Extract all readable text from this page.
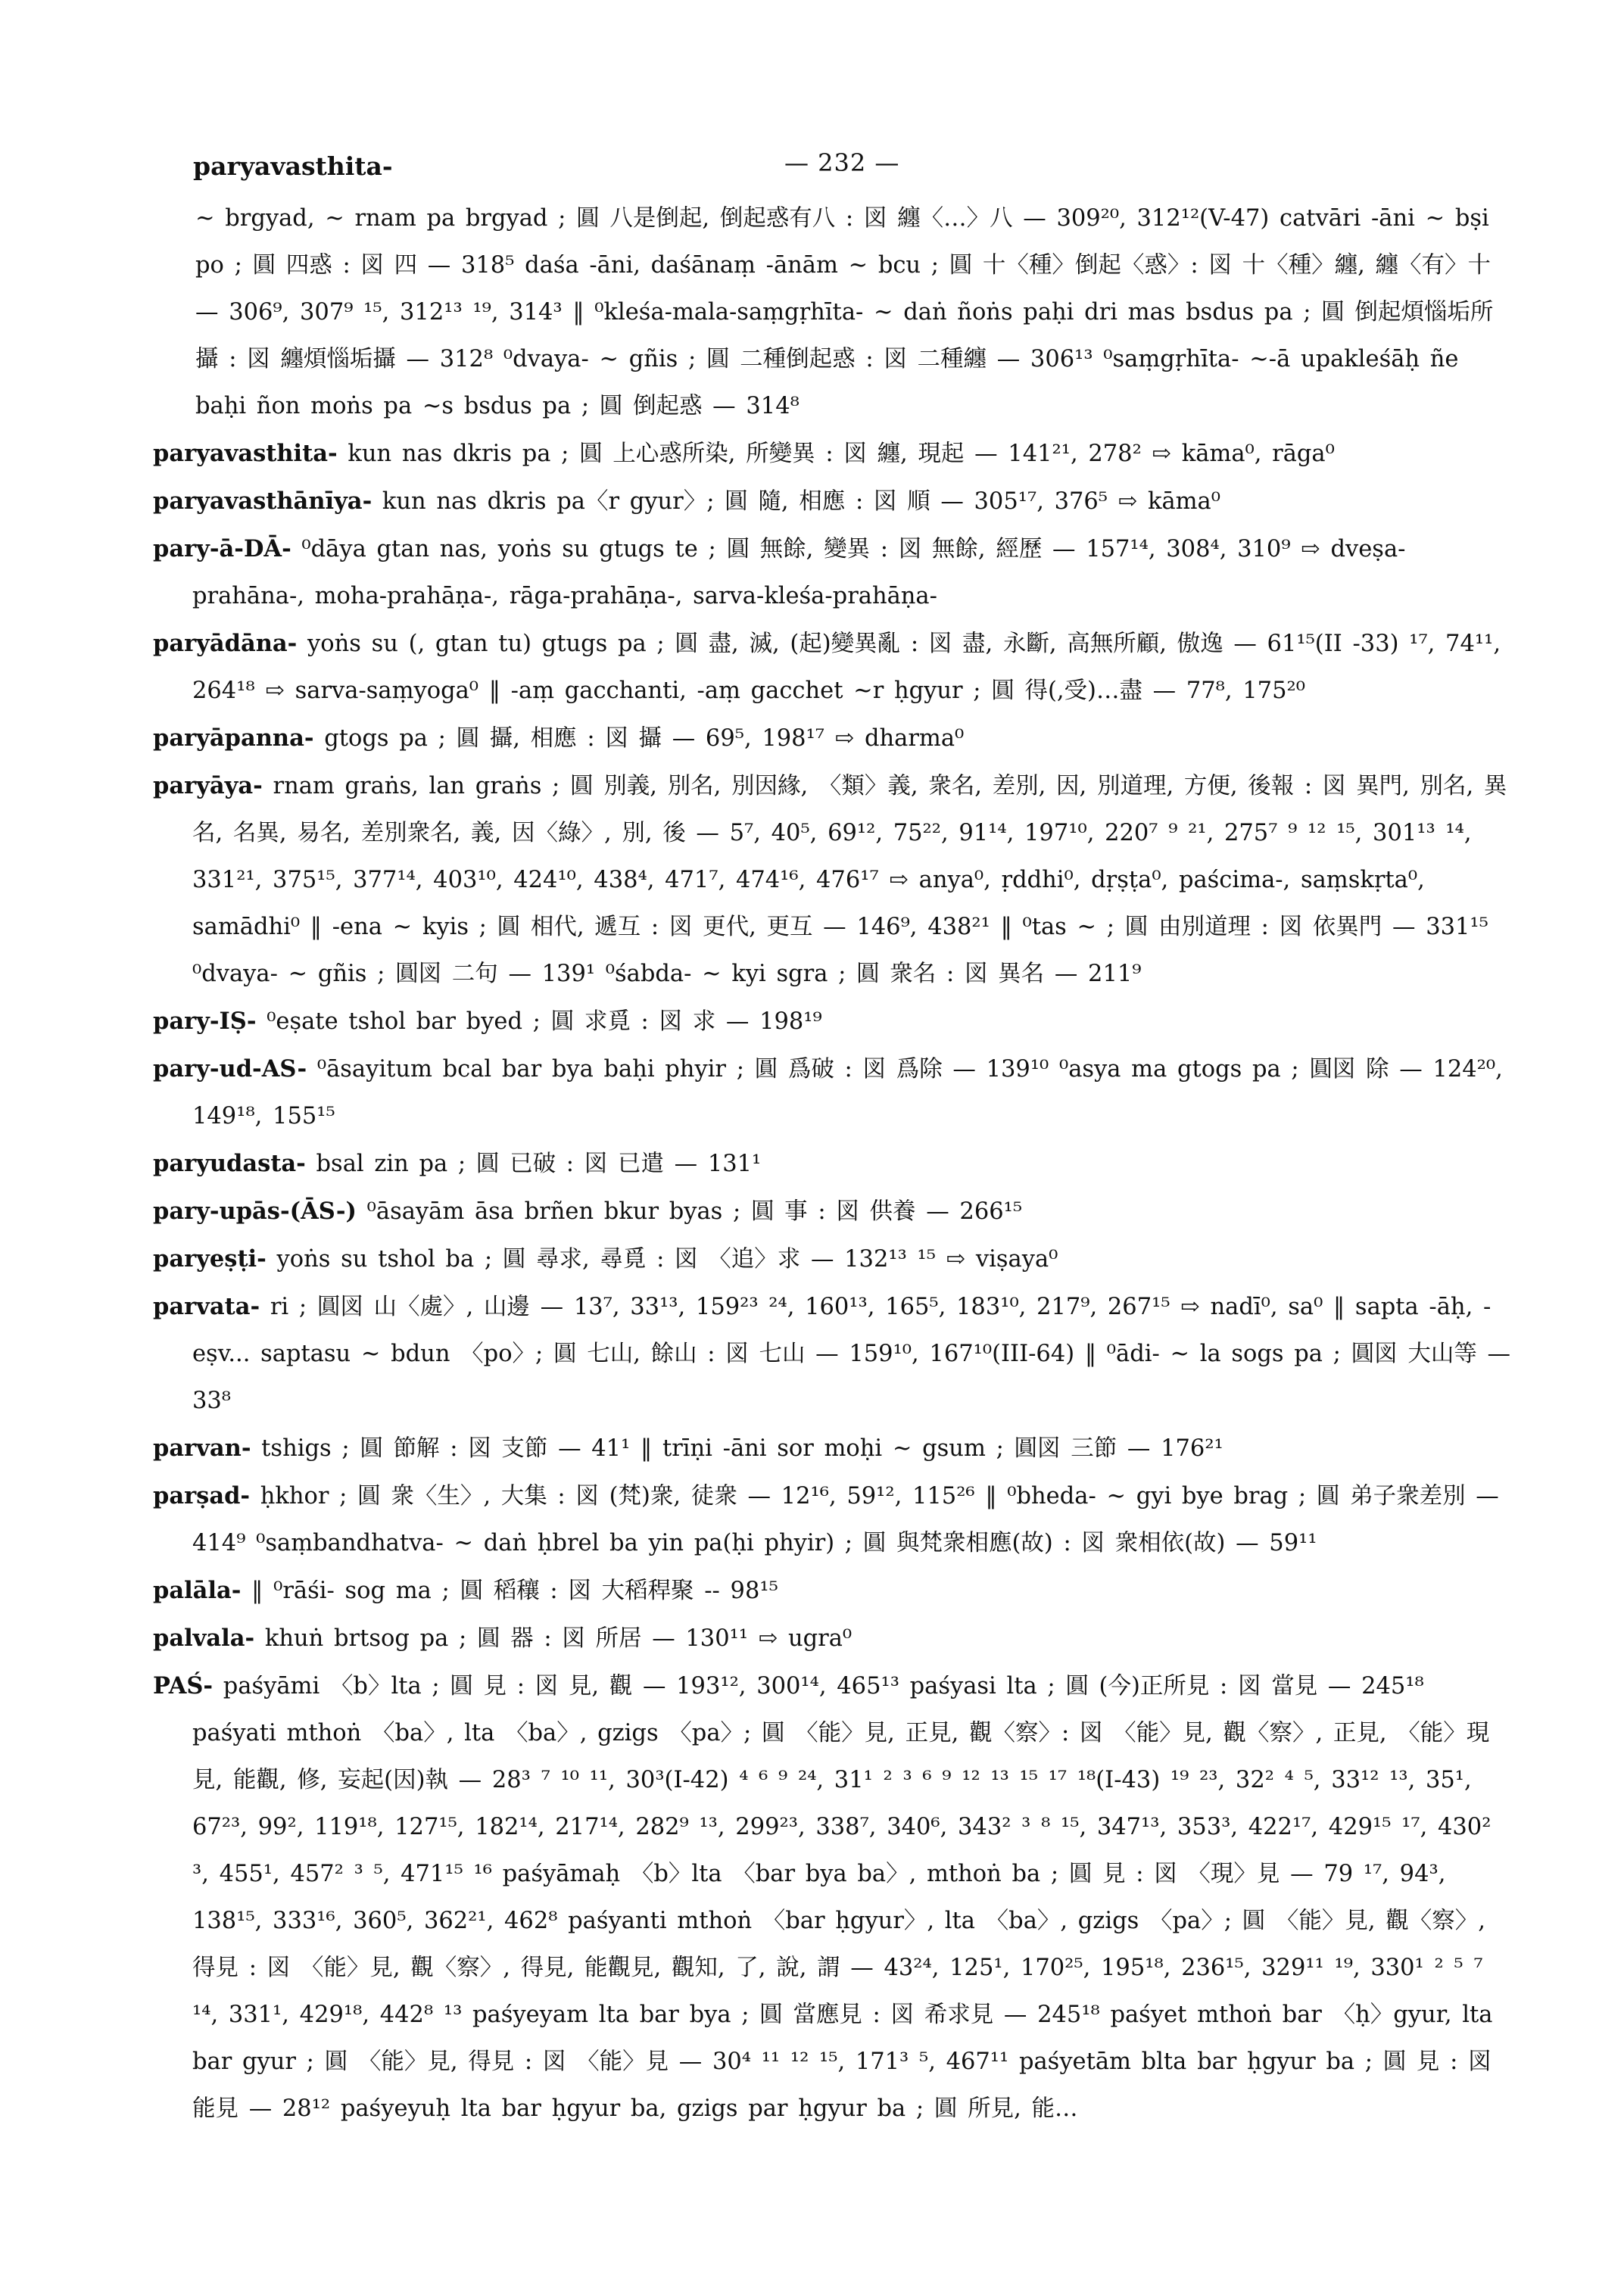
paryavasthita-	— 232 —
~ brgyad, ~ rnam pa brgyad ; 圓 八是倒起, 倒起惑有八 : 図 纏〈…〉八 — 309²⁰, 312¹²(V-47) catvāri -āni ~ bṣi po ; 圓 四惑 : 図 四 — 318⁵ daśa -āni, daśānaṃ -ānām ~ bcu ; 圓 十〈種〉倒起〈惑〉: 図 十〈種〉纏, 纏〈有〉十 — 306⁹, 307⁹ ¹⁵, 312¹³ ¹⁹, 314³ ‖ ⁰kleśa-mala-saṃgṛhīta- ~ daṅ ñoṅs paḥi dri mas bsdus pa ; 圓 倒起煩惱垢所攝 : 図 纏煩惱垢攝 — 312⁸ ⁰dvaya- ~ gñis ; 圓 二種倒起惑 : 図 二種纏 — 306¹³ ⁰saṃgṛhīta- ~-ā upakleśāḥ ñe baḥi ñon moṅs pa ~s bsdus pa ; 圓 倒起惑 — 314⁸
paryavasthita- kun nas dkris pa ; 圓 上心惑所染, 所變異 : 図 纏, 現起 — 141²¹, 278² ⇨ kāma⁰, rāga⁰
paryavasthānīya- kun nas dkris pa〈r gyur〉; 圓 隨, 相應 : 図 順 — 305¹⁷, 376⁵ ⇨ kāma⁰
pary-ā-DĀ- ⁰dāya gtan nas, yoṅs su gtugs te ; 圓 無餘, 變異 : 図 無餘, 經歷 — 157¹⁴, 308⁴, 310⁹ ⇨ dveṣa-prahāna-, moha-prahāṇa-, rāga-prahāṇa-, sarva-kleśa-prahāṇa-
paryādāna- yoṅs su (, gtan tu) gtugs pa ; 圓 盡, 滅, (起)變異亂 : 図 盡, 永斷, 高無所顧, 傲逸 — 61¹⁵(II -33) ¹⁷, 74¹¹, 264¹⁸ ⇨ sarva-saṃyoga⁰ ‖ -aṃ gacchanti, -aṃ gacchet ~r ḥgyur ; 圓 得(,受)…盡 — 77⁸, 175²⁰
paryāpanna- gtogs pa ; 圓 攝, 相應 : 図 攝 — 69⁵, 198¹⁷ ⇨ dharma⁰
paryāya- rnam graṅs, lan graṅs ; 圓 別義, 別名, 別因緣, 〈類〉義, 衆名, 差別, 因, 別道理, 方便, 後報 : 図 異門, 別名, 異名, 名異, 易名, 差別衆名, 義, 因〈綠〉, 別, 後 — 5⁷, 40⁵, 69¹², 75²², 91¹⁴, 197¹⁰, 220⁷ ⁹ ²¹, 275⁷ ⁹ ¹² ¹⁵, 301¹³ ¹⁴, 331²¹, 375¹⁵, 377¹⁴, 403¹⁰, 424¹⁰, 438⁴, 471⁷, 474¹⁶, 476¹⁷ ⇨ anya⁰, ṛddhi⁰, dṛṣṭa⁰, paścima-, saṃskṛta⁰, samādhi⁰ ‖ -ena ~ kyis ; 圓 相代, 遞互 : 図 更代, 更互 — 146⁹, 438²¹ ‖ ⁰tas ~ ; 圓 由別道理 : 図 依異門 — 331¹⁵ ⁰dvaya- ~ gñis ; 圓図 二句 — 139¹ ⁰śabda- ~ kyi sgra ; 圓 衆名 : 図 異名 — 211⁹
pary-IṢ- ⁰eṣate tshol bar byed ; 圓 求覓 : 図 求 — 198¹⁹
pary-ud-AS- ⁰āsayitum bcal bar bya baḥi phyir ; 圓 爲破 : 図 爲除 — 139¹⁰ ⁰asya ma gtogs pa ; 圓図 除 — 124²⁰, 149¹⁸, 155¹⁵
paryudasta- bsal zin pa ; 圓 已破 : 図 已遣 — 131¹
pary-upās-(ĀS-) ⁰āsayām āsa brñen bkur byas ; 圓 事 : 図 供養 — 266¹⁵
paryeṣṭi- yoṅs su tshol ba ; 圓 尋求, 尋覓 : 図 〈追〉求 — 132¹³ ¹⁵ ⇨ viṣaya⁰
parvata- ri ; 圓図 山〈處〉, 山邊 — 13⁷, 33¹³, 159²³ ²⁴, 160¹³, 165⁵, 183¹⁰, 217⁹, 267¹⁵ ⇨ nadī⁰, sa⁰ ‖ sapta -āḥ, -eṣv... saptasu ~ bdun 〈po〉; 圓 七山, 餘山 : 図 七山 — 159¹⁰, 167¹⁰(III-64) ‖ ⁰ādi- ~ la sogs pa ; 圓図 大山等 — 33⁸
parvan- tshigs ; 圓 節解 : 図 支節 — 41¹ ‖ trīṇi -āni sor moḥi ~ gsum ; 圓図 三節 — 176²¹
parṣad- ḥkhor ; 圓 衆〈生〉, 大集 : 図 (梵)衆, 徒衆 — 12¹⁶, 59¹², 115²⁶ ‖ ⁰bheda- ~ gyi bye brag ; 圓 弟子衆差別 — 414⁹ ⁰saṃbandhatva- ~ daṅ ḥbrel ba yin pa(ḥi phyir) ; 圓 與梵衆相應(故) : 図 衆相依(故) — 59¹¹
palāla- ‖ ⁰rāśi- sog ma ; 圓 稻穰 : 図 大稻稈聚 -- 98¹⁵
palvala- khuṅ brtsog pa ; 圓 器 : 図 所居 — 130¹¹ ⇨ ugra⁰
PAŚ- paśyāmi 〈b〉lta ; 圓 見 : 図 見, 觀 — 193¹², 300¹⁴, 465¹³ paśyasi lta ; 圓 (今)正所見 : 図 當見 — 245¹⁸ paśyati mthoṅ 〈ba〉, lta 〈ba〉, gzigs 〈pa〉; 圓 〈能〉見, 正見, 觀〈察〉: 図 〈能〉見, 觀〈察〉, 正見, 〈能〉現見, 能觀, 修, 妄起(因)執 — 28³ ⁷ ¹⁰ ¹¹, 30³(I-42) ⁴ ⁶ ⁹ ²⁴, 31¹ ² ³ ⁶ ⁹ ¹² ¹³ ¹⁵ ¹⁷ ¹⁸(I-43) ¹⁹ ²³, 32² ⁴ ⁵, 33¹² ¹³, 35¹, 67²³, 99², 119¹⁸, 127¹⁵, 182¹⁴, 217¹⁴, 282⁹ ¹³, 299²³, 338⁷, 340⁶, 343² ³ ⁸ ¹⁵, 347¹³, 353³, 422¹⁷, 429¹⁵ ¹⁷, 430² ³, 455¹, 457² ³ ⁵, 471¹⁵ ¹⁶ paśyāmaḥ 〈b〉lta 〈bar bya ba〉, mthoṅ ba ; 圓 見 : 図 〈現〉見 — 79 ¹⁷, 94³, 138¹⁵, 333¹⁶, 360⁵, 362²¹, 462⁸ paśyanti mthoṅ 〈bar ḥgyur〉, lta 〈ba〉, gzigs 〈pa〉; 圓 〈能〉見, 觀〈察〉, 得見 : 図 〈能〉見, 觀〈察〉, 得見, 能觀見, 觀知, 了, 說, 謂 — 43²⁴, 125¹, 170²⁵, 195¹⁸, 236¹⁵, 329¹¹ ¹⁹, 330¹ ² ⁵ ⁷ ¹⁴, 331¹, 429¹⁸, 442⁸ ¹³ paśyeyam lta bar bya ; 圓 當應見 : 図 希求見 — 245¹⁸ paśyet mthoṅ bar 〈ḥ〉gyur, lta bar gyur ; 圓 〈能〉見, 得見 : 図 〈能〉見 — 30⁴ ¹¹ ¹² ¹⁵, 171³ ⁵, 467¹¹ paśyetām blta bar ḥgyur ba ; 圓 見 : 図 能見 — 28¹² paśyeyuḥ lta bar ḥgyur ba, gzigs par ḥgyur ba ; 圓 所見, 能…
